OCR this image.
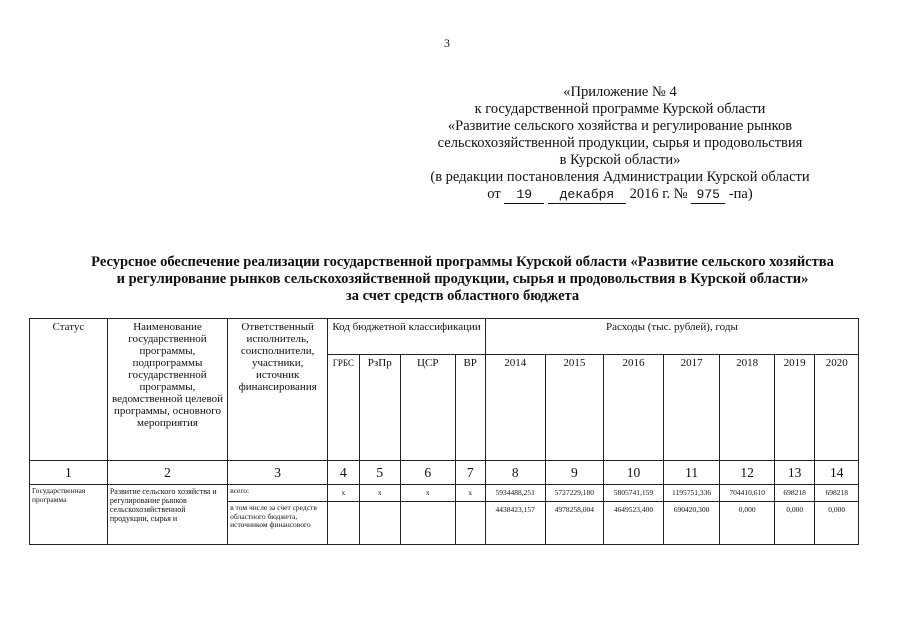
3
«Приложение № 4
к государственной программе Курской области
«Развитие сельского хозяйства и регулирование рынков
сельскохозяйственной продукции, сырья и продовольствия
в Курской области»
(в редакции постановления Администрации Курской области
от 19 декабря 2016 г. № 975 -па)
Ресурсное обеспечение реализации государственной программы Курской области «Развитие сельского хозяйства
и регулирование рынков сельскохозяйственной продукции, сырья и продовольствия в Курской области»
за счет средств областного бюджета
Статус	Наименование государственной программы, подпрограммы государственной программы, ведомственной целевой программы, основного мероприятия	Ответственный исполнитель, соисполнители, участники, источник финансирования	Код бюджетной классификации				Расходы (тыс. рублей), годы						
			ГРБС	РзПр	ЦСР	ВР	2014	2015	2016	2017	2018	2019	2020
1	2	3	4	5	6	7	8	9	10	11	12	13	14
Государственная программа	Развитие сельского хозяйства и регулирование рынков сельскохозяйственной продукции, сырья и	всего:	х	х	х	х	5934488,251	5727229,180	5805741,159	1195751,336	704410,610	698218	698218
		в том числе за счет средств областного бюджета, источником финансового					4438423,157	4978258,004	4649523,400	690420,300	0,000	0,000	0,000
